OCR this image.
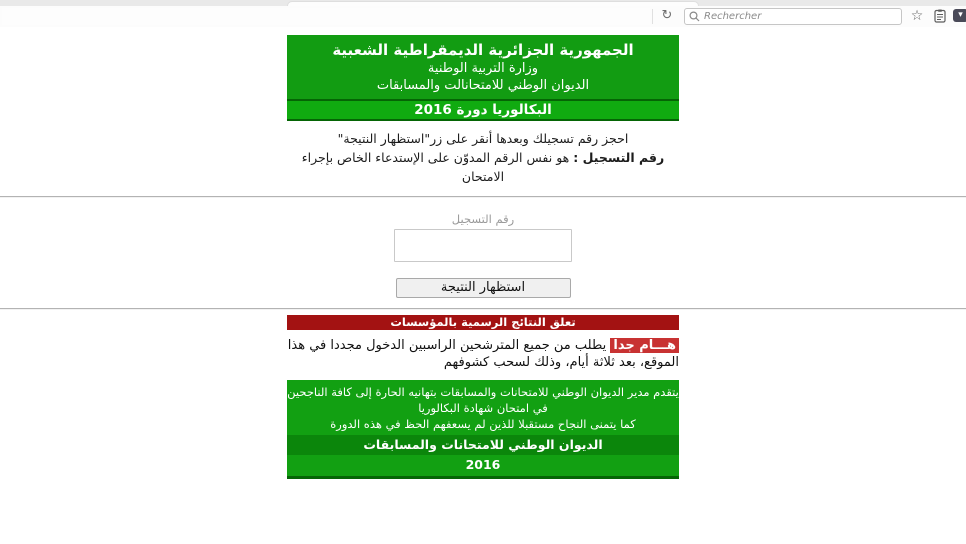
↻
Rechercher	☆	▾
الجمهورية الجزائرية الديمقراطية الشعبية
وزارة التربية الوطنية
الديوان الوطني للامتحانالت والمسابقات
البكالوريا دورة 2016
احجز رقم تسجيلك وبعدها أنقر على زر"استظهار النتيجة"
رقم التسجيل : هو نفس الرقم المدوّن على الإستدعاء الخاص بإجراء الامتحان
رقم التسجيل
استظهار النتيجة
تعلق النتائج الرسمية بالمؤسسات

هـــام جدا يطلب من جميع المترشحين الراسبين الدخول مجددا في هذا الموقع، بعد ثلاثة أيام، وذلك لسحب كشوفهم

يتقدم مدير الديوان الوطني للامتحانات والمسابقات بتهانيه الحارة إلى كافة الناجحين في امتحان شهادة البكالوريا
كما يتمنى النجاح مستقبلا للذين لم يسعفهم الحظ في هذه الدورة
الديوان الوطني للامتحانات والمسابقات
2016
